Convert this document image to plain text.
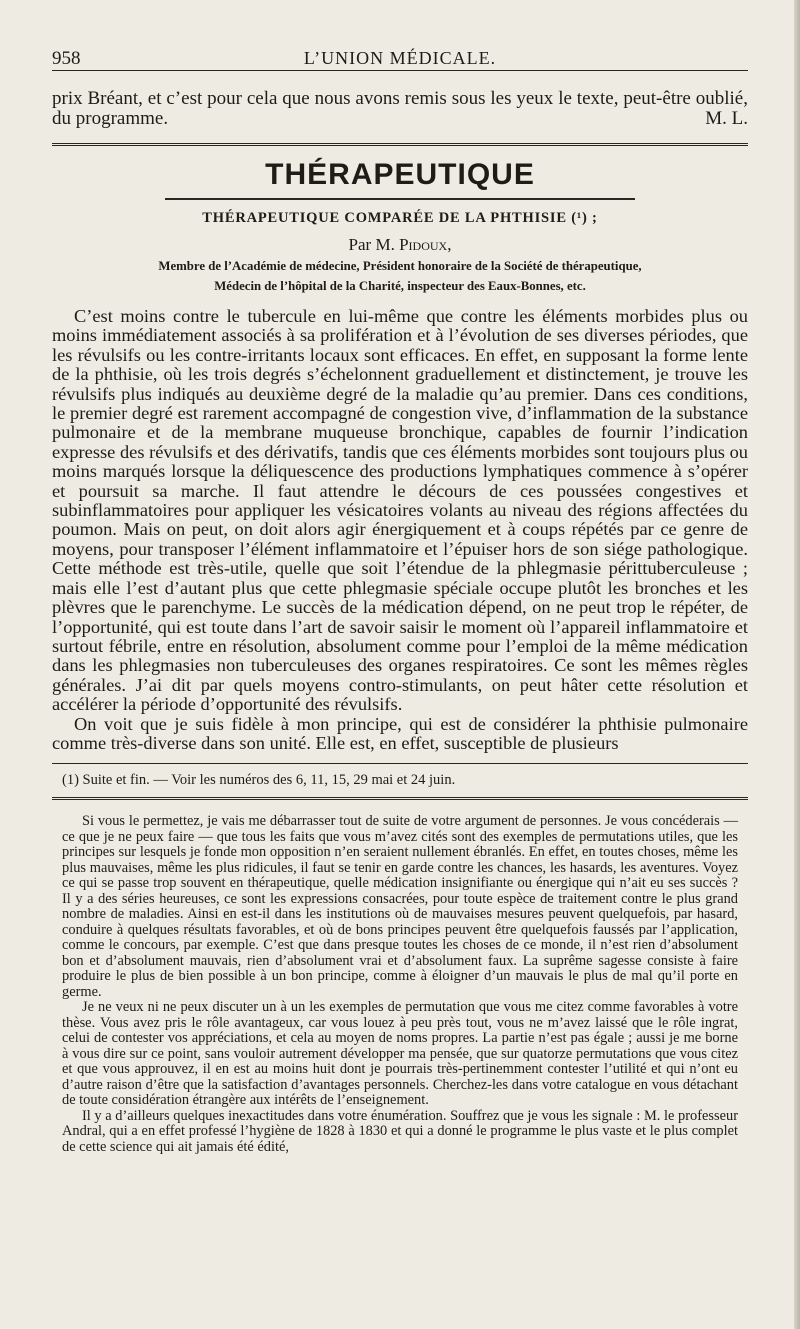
958	L’UNION MÉDICALE.
prix Bréant, et c’est pour cela que nous avons remis sous les yeux le texte, peut-être oublié, du programme.	M. L.
THÉRAPEUTIQUE
THÉRAPEUTIQUE COMPARÉE DE LA PHTHISIE (¹) ;
Par M. Pidoux,
Membre de l’Académie de médecine, Président honoraire de la Société de thérapeutique,
Médecin de l’hôpital de la Charité, inspecteur des Eaux-Bonnes, etc.

C’est moins contre le tubercule en lui-même que contre les éléments morbides plus ou moins immédiatement associés à sa prolifération et à l’évolution de ses diverses périodes, que les révulsifs ou les contre-irritants locaux sont efficaces. En effet, en supposant la forme lente de la phthisie, où les trois degrés s’échelonnent graduellement et distinctement, je trouve les révulsifs plus indiqués au deuxième degré de la maladie qu’au premier. Dans ces conditions, le premier degré est rarement accompagné de congestion vive, d’inflammation de la substance pulmonaire et de la membrane muqueuse bronchique, capables de fournir l’indication expresse des révulsifs et des dérivatifs, tandis que ces éléments morbides sont toujours plus ou moins marqués lorsque la déliquescence des productions lymphatiques commence à s’opérer et poursuit sa marche. Il faut attendre le décours de ces poussées congestives et subinflammatoires pour appliquer les vésicatoires volants au niveau des régions affectées du poumon. Mais on peut, on doit alors agir énergiquement et à coups répétés par ce genre de moyens, pour transposer l’élément inflammatoire et l’épuiser hors de son siége pathologique. Cette méthode est très-utile, quelle que soit l’étendue de la phlegmasie périttuberculeuse ; mais elle l’est d’autant plus que cette phlegmasie spéciale occupe plutôt les bronches et les plèvres que le parenchyme. Le succès de la médication dépend, on ne peut trop le répéter, de l’opportunité, qui est toute dans l’art de savoir saisir le moment où l’appareil inflammatoire et surtout fébrile, entre en résolution, absolument comme pour l’emploi de la même médication dans les phlegmasies non tuberculeuses des organes respiratoires. Ce sont les mêmes règles générales. J’ai dit par quels moyens contro-stimulants, on peut hâter cette résolution et accélérer la période d’opportunité des révulsifs.

On voit que je suis fidèle à mon principe, qui est de considérer la phthisie pulmonaire comme très-diverse dans son unité. Elle est, en effet, susceptible de plusieurs

(1) Suite et fin. — Voir les numéros des 6, 11, 15, 29 mai et 24 juin.

Si vous le permettez, je vais me débarrasser tout de suite de votre argument de personnes. Je vous concéderais — ce que je ne peux faire — que tous les faits que vous m’avez cités sont des exemples de permutations utiles, que les principes sur lesquels je fonde mon opposition n’en seraient nullement ébranlés. En effet, en toutes choses, même les plus mauvaises, même les plus ridicules, il faut se tenir en garde contre les chances, les hasards, les aventures. Voyez ce qui se passe trop souvent en thérapeutique, quelle médication insignifiante ou énergique qui n’ait eu ses succès ? Il y a des séries heureuses, ce sont les expressions consacrées, pour toute espèce de traitement contre le plus grand nombre de maladies. Ainsi en est-il dans les institutions où de mauvaises mesures peuvent quelquefois, par hasard, conduire à quelques résultats favorables, et où de bons principes peuvent être quelquefois faussés par l’application, comme le concours, par exemple. C’est que dans presque toutes les choses de ce monde, il n’est rien d’absolument bon et d’absolument mauvais, rien d’absolument vrai et d’absolument faux. La suprême sagesse consiste à faire produire le plus de bien possible à un bon principe, comme à éloigner d’un mauvais le plus de mal qu’il porte en germe.

Je ne veux ni ne peux discuter un à un les exemples de permutation que vous me citez comme favorables à votre thèse. Vous avez pris le rôle avantageux, car vous louez à peu près tout, vous ne m’avez laissé que le rôle ingrat, celui de contester vos appréciations, et cela au moyen de noms propres. La partie n’est pas égale ; aussi je me borne à vous dire sur ce point, sans vouloir autrement développer ma pensée, que sur quatorze permutations que vous citez et que vous approuvez, il en est au moins huit dont je pourrais très-pertinemment contester l’utilité et qui n’ont eu d’autre raison d’être que la satisfaction d’avantages personnels. Cherchez-les dans votre catalogue en vous détachant de toute considération étrangère aux intérêts de l’enseignement.

Il y a d’ailleurs quelques inexactitudes dans votre énumération. Souffrez que je vous les signale : M. le professeur Andral, qui a en effet professé l’hygiène de 1828 à 1830 et qui a donné le programme le plus vaste et le plus complet de cette science qui ait jamais été édité,
